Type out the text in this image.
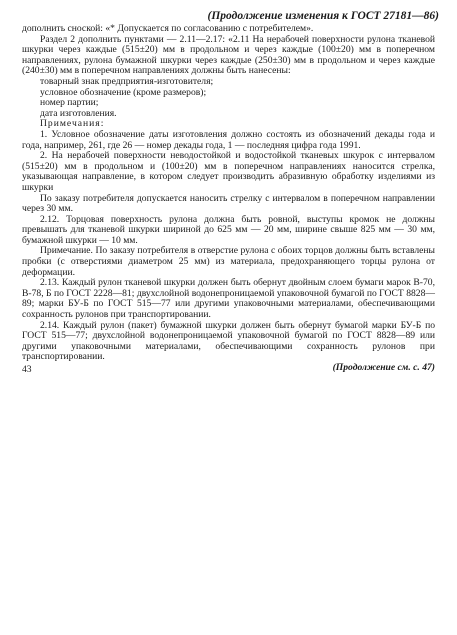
(Продолжение изменения к ГОСТ 27181—86)

дополнить сноской: «* Допускается по согласованию с потребителем».

Раздел 2 дополнить пунктами — 2.11—2.17: «2.11 На нерабочей поверхности рулона тканевой шкурки через каждые (515±20) мм в продольном и через каждые (100±20) мм в поперечном направлениях, рулона бумажной шкурки через каждые (250±30) мм в продольном и через каждые (240±30) мм в поперечном направлениях должны быть нанесены:

товарный знак предприятия-изготовителя;

условное обозначение (кроме размеров);

номер партии;

дата изготовления.

Примечания:

1. Условное обозначение даты изготовления должно состоять из обозначений декады года и года, например, 261, где 26 — номер декады года, 1 — последняя цифра года 1991.

2. На нерабочей поверхности неводостойкой и водостойкой тканевых шкурок с интервалом (515±20) мм в продольном и (100±20) мм в поперечном направлениях наносится стрелка, указывающая направление, в котором следует производить абразивную обработку изделиями из шкурки

По заказу потребителя допускается наносить стрелку с интервалом в поперечном направлении через 30 мм.

2.12. Торцовая поверхность рулона должна быть ровной, выступы кромок не должны превышать для тканевой шкурки шириной до 625 мм — 20 мм, ширине свыше 825 мм — 30 мм, бумажной шкурки — 10 мм.

Примечание. По заказу потребителя в отверстие рулона с обоих торцов должны быть вставлены пробки (с отверстиями диаметром 25 мм) из материала, предохраняющего торцы рулона от деформации.

2.13. Каждый рулон тканевой шкурки должен быть обернут двойным слоем бумаги марок В-70, В-78, Б по ГОСТ 2228—81; двухслойной водонепроницаемой упаковочной бумагой по ГОСТ 8828—89; марки БУ-Б по ГОСТ 515—77 или другими упаковочными материалами, обеспечивающими сохранность рулонов при транспортировании.

2.14. Каждый рулон (пакет) бумажной шкурки должен быть обернут бумагой марки БУ-Б по ГОСТ 515—77; двухслойной водонепроницаемой упаковочной бумагой по ГОСТ 8828—89 или другими упаковочными материалами, обеспечивающими сохранность рулонов при транспортировании.

(Продолжение см. с. 47)

43
